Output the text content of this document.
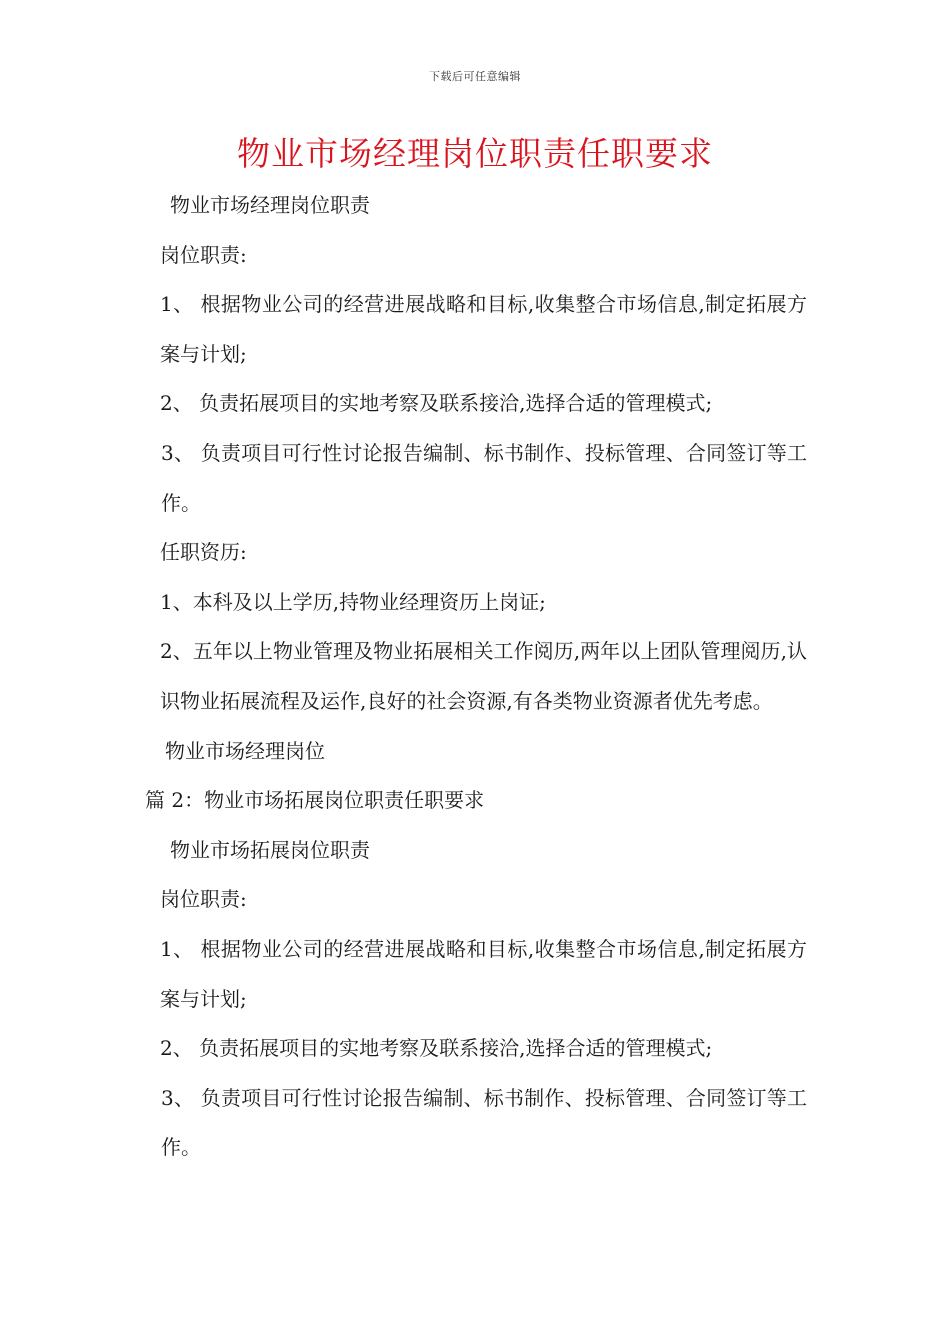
下载后可任意编辑
物业市场经理岗位职责任职要求

物业市场经理岗位职责

岗位职责:

1、 根据物业公司的经营进展战略和目标,收集整合市场信息,制定拓展方案与计划;

2、 负责拓展项目的实地考察及联系接洽,选择合适的管理模式;

3、 负责项目可行性讨论报告编制、标书制作、投标管理、合同签订等工作。

任职资历:

1、本科及以上学历,持物业经理资历上岗证;

2、五年以上物业管理及物业拓展相关工作阅历,两年以上团队管理阅历,认识物业拓展流程及运作,良好的社会资源,有各类物业资源者优先考虑。

物业市场经理岗位

篇 2：物业市场拓展岗位职责任职要求

物业市场拓展岗位职责

岗位职责:

1、 根据物业公司的经营进展战略和目标,收集整合市场信息,制定拓展方案与计划;

2、 负责拓展项目的实地考察及联系接洽,选择合适的管理模式;

3、 负责项目可行性讨论报告编制、标书制作、投标管理、合同签订等工作。
